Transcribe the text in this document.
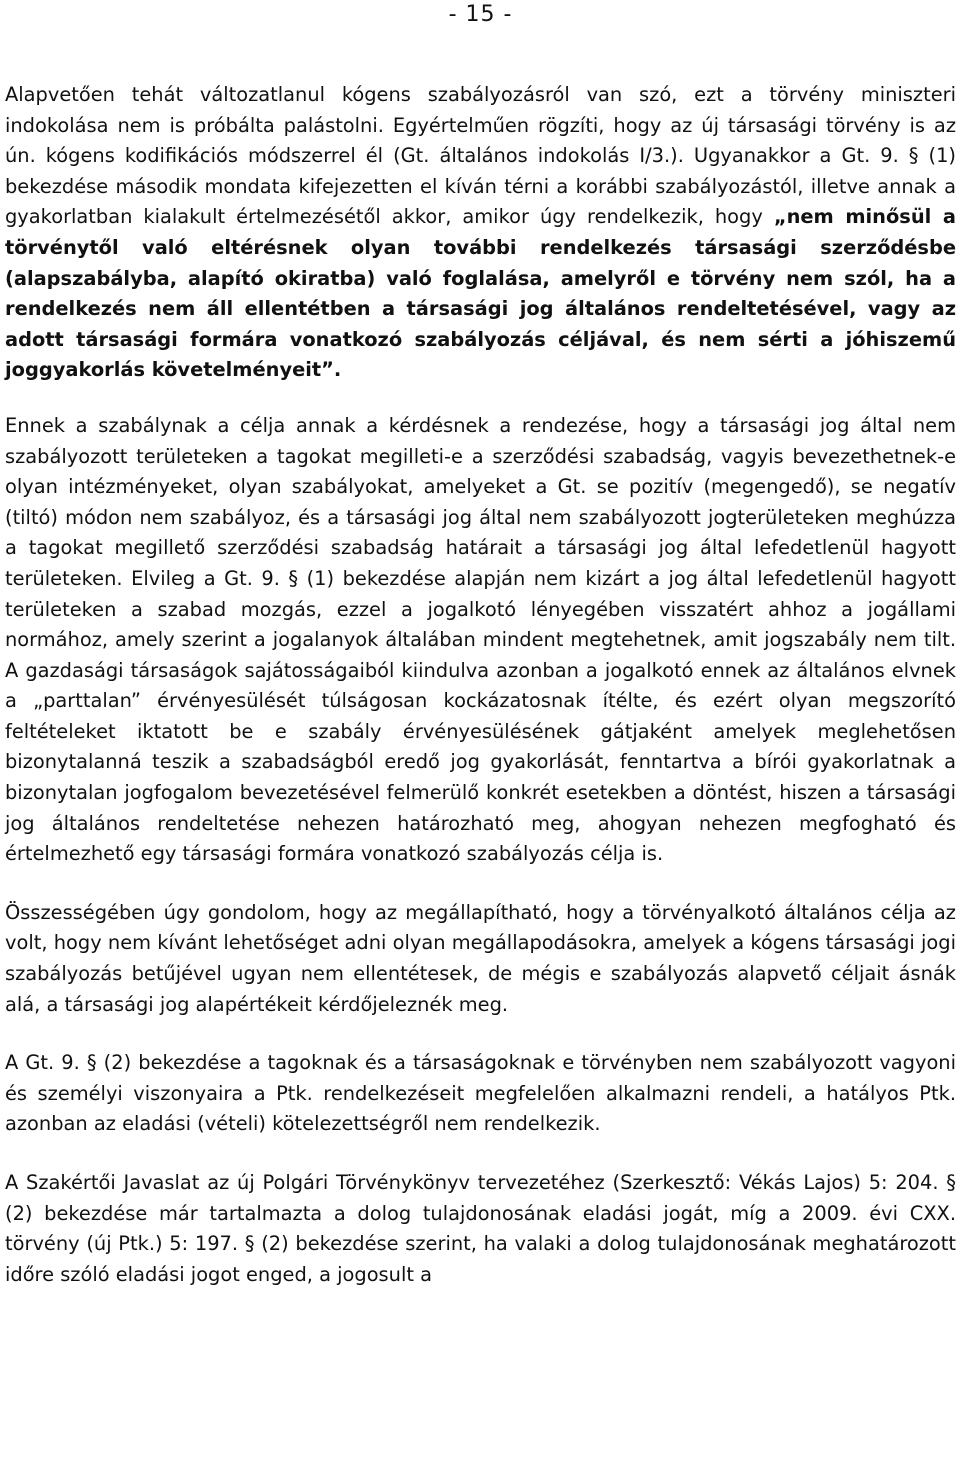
- 15 -

Alapvetően tehát változatlanul kógens szabályozásról van szó, ezt a törvény miniszteri indokolása nem is próbálta palástolni. Egyértelműen rögzíti, hogy az új társasági törvény is az ún. kógens kodifikációs módszerrel él (Gt. általános indokolás I/3.). Ugyanakkor a Gt. 9. § (1) bekezdése második mondata kifejezetten el kíván térni a korábbi szabályozástól, illetve annak a gyakorlatban kialakult értelmezésétől akkor, amikor úgy rendelkezik, hogy „nem minősül a törvénytől való eltérésnek olyan további rendelkezés társasági szerződésbe (alapszabályba, alapító okiratba) való foglalása, amelyről e törvény nem szól, ha a rendelkezés nem áll ellentétben a társasági jog általános rendeltetésével, vagy az adott társasági formára vonatkozó szabályozás céljával, és nem sérti a jóhiszemű joggyakorlás követelményeit”.

Ennek a szabálynak a célja annak a kérdésnek a rendezése, hogy a társasági jog által nem szabályozott területeken a tagokat megilleti-e a szerződési szabadság, vagyis bevezethetnek-e olyan intézményeket, olyan szabályokat, amelyeket a Gt. se pozitív (megengedő), se negatív (tiltó) módon nem szabályoz, és a társasági jog által nem szabályozott jogterületeken meghúzza a tagokat megillető szerződési szabadság határait a társasági jog által lefedetlenül hagyott területeken. Elvileg a Gt. 9. § (1) bekezdése alapján nem kizárt a jog által lefedetlenül hagyott területeken a szabad mozgás, ezzel a jogalkotó lényegében visszatért ahhoz a jogállami normához, amely szerint a jogalanyok általában mindent megtehetnek, amit jogszabály nem tilt. A gazdasági társaságok sajátosságaiból kiindulva azonban a jogalkotó ennek az általános elvnek a „parttalan” érvényesülését túlságosan kockázatosnak ítélte, és ezért olyan megszorító feltételeket iktatott be e szabály érvényesülésének gátjaként amelyek meglehetősen bizonytalanná teszik a szabadságból eredő jog gyakorlását, fenntartva a bírói gyakorlatnak a bizonytalan jogfogalom bevezetésével felmerülő konkrét esetekben a döntést, hiszen a társasági jog általános rendeltetése nehezen határozható meg, ahogyan nehezen megfogható és értelmezhető egy társasági formára vonatkozó szabályozás célja is.

Összességében úgy gondolom, hogy az megállapítható, hogy a törvényalkotó általános célja az volt, hogy nem kívánt lehetőséget adni olyan megállapodásokra, amelyek a kógens társasági jogi szabályozás betűjével ugyan nem ellentétesek, de mégis e szabályozás alapvető céljait ásnák alá, a társasági jog alapértékeit kérdőjeleznék meg.

A Gt. 9. § (2) bekezdése a tagoknak és a társaságoknak e törvényben nem szabályozott vagyoni és személyi viszonyaira a Ptk. rendelkezéseit megfelelően alkalmazni rendeli, a hatályos Ptk. azonban az eladási (vételi) kötelezettségről nem rendelkezik.

A Szakértői Javaslat az új Polgári Törvénykönyv tervezetéhez (Szerkesztő: Vékás Lajos) 5: 204. § (2) bekezdése már tartalmazta a dolog tulajdonosának eladási jogát, míg a 2009. évi CXX. törvény (új Ptk.) 5: 197. § (2) bekezdése szerint, ha valaki a dolog tulajdonosának meghatározott időre szóló eladási jogot enged, a jogosult a
